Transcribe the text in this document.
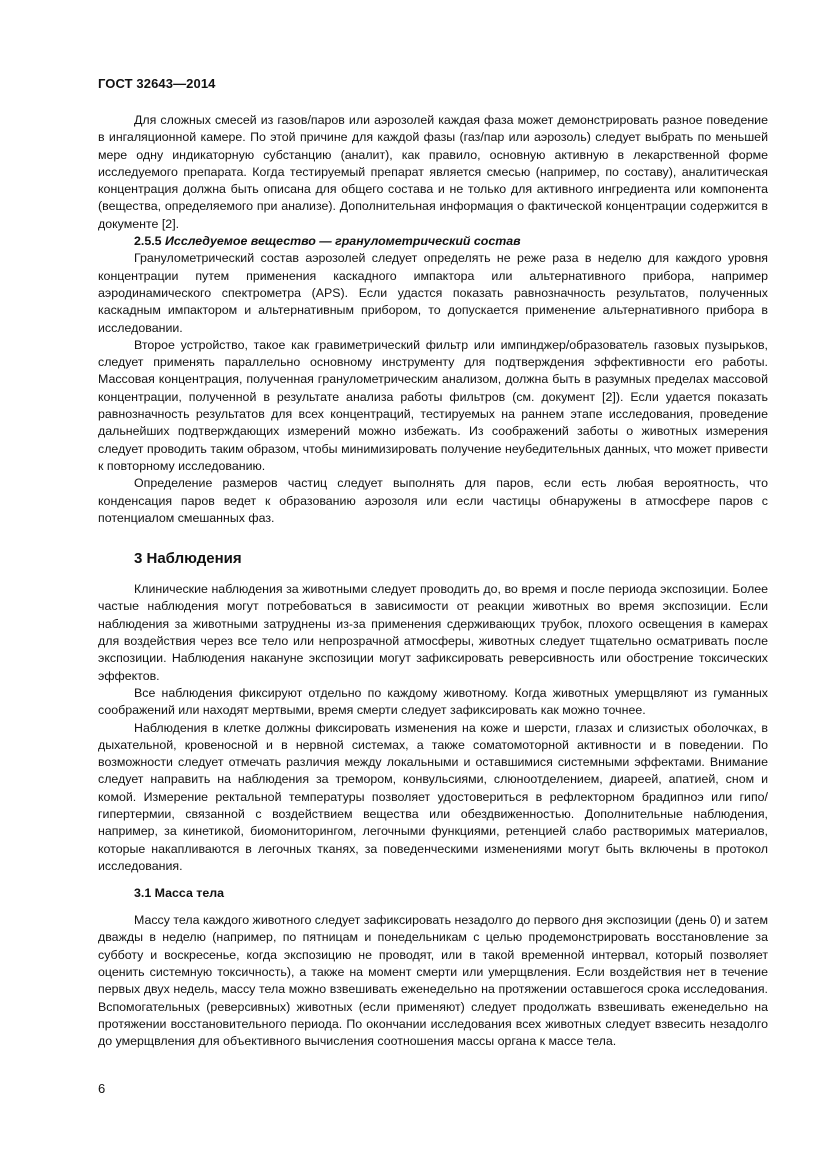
ГОСТ 32643—2014

Для сложных смесей из газов/паров или аэрозолей каждая фаза может демонстрировать разное поведение в ингаляционной камере. По этой причине для каждой фазы (газ/пар или аэрозоль) следует выбрать по меньшей мере одну индикаторную субстанцию (аналит), как правило, основную активную в лекарственной форме исследуемого препарата. Когда тестируемый препарат является смесью (например, по составу), аналитическая концентрация должна быть описана для общего состава и не только для активного ингредиента или компонента (вещества, определяемого при анализе). Дополнительная информация о фактической концентрации содержится в документе [2].

2.5.5 Исследуемое вещество — гранулометрический состав

Гранулометрический состав аэрозолей следует определять не реже раза в неделю для каждого уровня концентрации путем применения каскадного импактора или альтернативного прибора, например аэродинамического спектрометра (APS). Если удастся показать равнозначность результатов, полученных каскадным импактором и альтернативным прибором, то допускается применение альтернативного прибора в исследовании.

Второе устройство, такое как гравиметрический фильтр или импинджер/образователь газовых пузырьков, следует применять параллельно основному инструменту для подтверждения эффективности его работы. Массовая концентрация, полученная гранулометрическим анализом, должна быть в разумных пределах массовой концентрации, полученной в результате анализа работы фильтров (см. документ [2]). Если удается показать равнозначность результатов для всех концентраций, тестируемых на раннем этапе исследования, проведение дальнейших подтверждающих измерений можно избежать. Из соображений заботы о животных измерения следует проводить таким образом, чтобы минимизировать получение неубедительных данных, что может привести к повторному исследованию.

Определение размеров частиц следует выполнять для паров, если есть любая вероятность, что конденсация паров ведет к образованию аэрозоля или если частицы обнаружены в атмосфере паров с потенциалом смешанных фаз.

3 Наблюдения

Клинические наблюдения за животными следует проводить до, во время и после периода экспозиции. Более частые наблюдения могут потребоваться в зависимости от реакции животных во время экспозиции. Если наблюдения за животными затруднены из-за применения сдерживающих трубок, плохого освещения в камерах для воздействия через все тело или непрозрачной атмосферы, животных следует тщательно осматривать после экспозиции. Наблюдения накануне экспозиции могут зафиксировать реверсивность или обострение токсических эффектов.

Все наблюдения фиксируют отдельно по каждому животному. Когда животных умерщвляют из гуманных соображений или находят мертвыми, время смерти следует зафиксировать как можно точнее.

Наблюдения в клетке должны фиксировать изменения на коже и шерсти, глазах и слизистых оболочках, в дыхательной, кровеносной и в нервной системах, а также соматомоторной активности и в поведении. По возможности следует отмечать различия между локальными и оставшимися системными эффектами. Внимание следует направить на наблюдения за тремором, конвульсиями, слюноотделением, диареей, апатией, сном и комой. Измерение ректальной температуры позволяет удостовериться в рефлекторном брадипноэ или гипо/гипертермии, связанной с воздействием вещества или обездвиженностью. Дополнительные наблюдения, например, за кинетикой, биомониторингом, легочными функциями, ретенцией слабо растворимых материалов, которые накапливаются в легочных тканях, за поведенческими изменениями могут быть включены в протокол исследования.

3.1 Масса тела

Массу тела каждого животного следует зафиксировать незадолго до первого дня экспозиции (день 0) и затем дважды в неделю (например, по пятницам и понедельникам с целью продемонстрировать восстановление за субботу и воскресенье, когда экспозицию не проводят, или в такой временной интервал, который позволяет оценить системную токсичность), а также на момент смерти или умерщвления. Если воздействия нет в течение первых двух недель, массу тела можно взвешивать еженедельно на протяжении оставшегося срока исследования. Вспомогательных (реверсивных) животных (если применяют) следует продолжать взвешивать еженедельно на протяжении восстановительного периода. По окончании исследования всех животных следует взвесить незадолго до умерщвления для объективного вычисления соотношения массы органа к массе тела.

6
